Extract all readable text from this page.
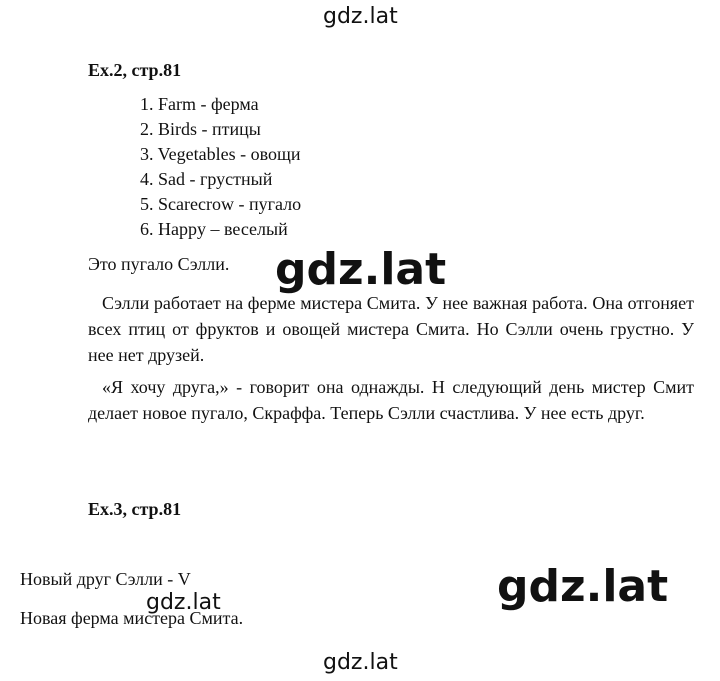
gdz.lat
Ex.2, стр.81
1. Farm - ферма
2. Birds - птицы
3. Vegetables - овощи
4. Sad - грустный
5. Scarecrow - пугало
6. Happy – веселый
Это пугало Сэлли. gdz.lat
Сэлли работает на ферме мистера Смита. У нее важная работа. Она отгоняет всех птиц от фруктов и овощей мистера Смита. Но Сэлли очень грустно. У нее нет друзей.
«Я хочу друга,» - говорит она однажды. Н следующий день мистер Смит делает новое пугало, Скраффа. Теперь Сэлли счастлива. У нее есть друг.
Ex.3, стр.81
Новый друг Сэлли - V
gdz.lat	gdz.lat
Новая ферма мистера Смита.
gdz.lat
